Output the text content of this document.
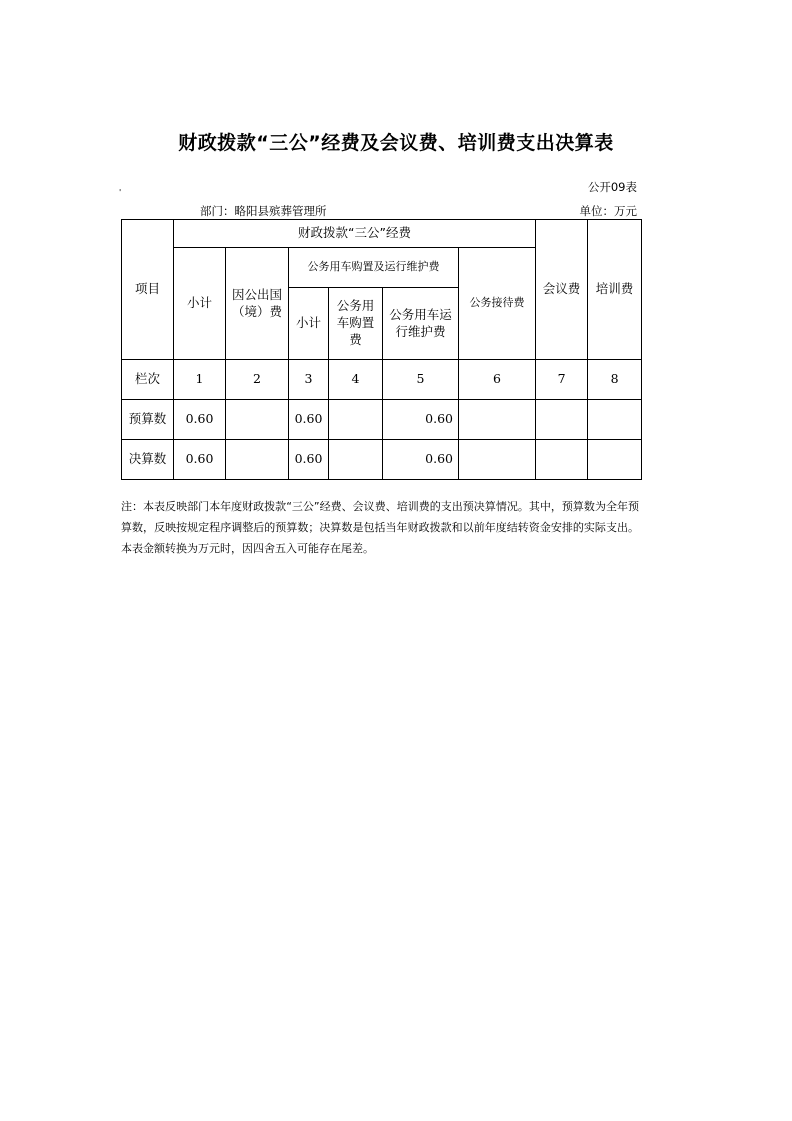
财政拨款“三公”经费及会议费、培训费支出决算表
公开09表
'
部门：略阳县殡葬管理所	单位：万元
项目	财政拨款“三公”经费						会议费	培训费
	小计	因公出国（境）费	公务用车购置及运行维护费			公务接待费		
			小计	公务用车购置费	公务用车运行维护费			
栏次	1	2	3	4	5	6	7	8
预算数	0.60		0.60		0.60			
决算数	0.60		0.60		0.60			
注：本表反映部门本年度财政拨款“三公”经费、会议费、培训费的支出预决算情况。其中，预算数为全年预算数，反映按规定程序调整后的预算数；决算数是包括当年财政拨款和以前年度结转资金安排的实际支出。本表金额转换为万元时，因四舍五入可能存在尾差。
